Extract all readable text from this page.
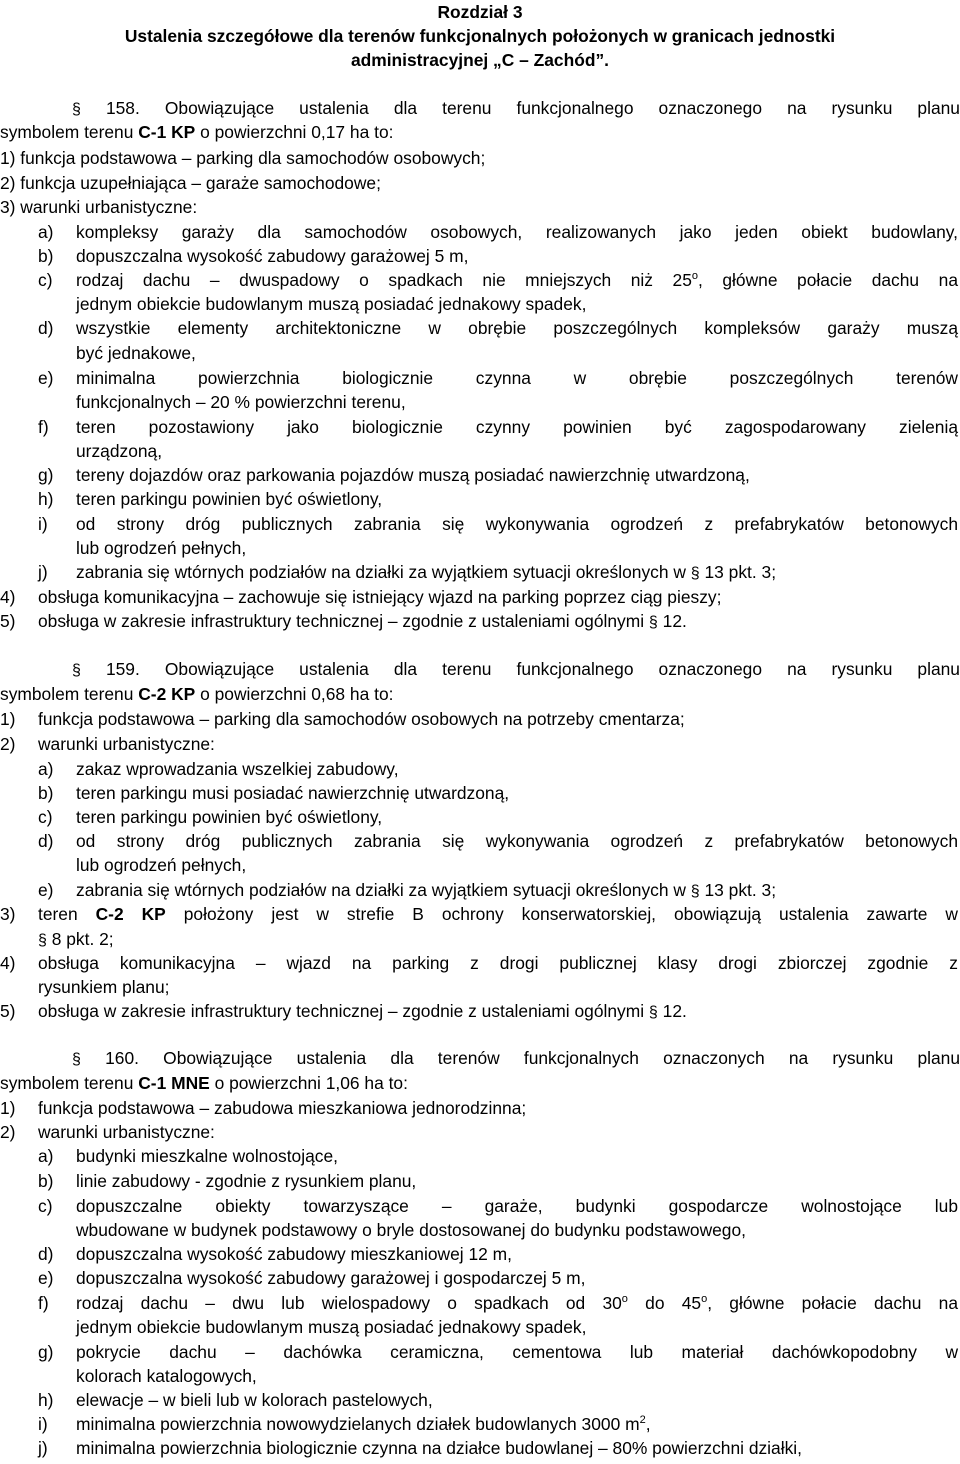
Rozdział 3
Ustalenia szczegółowe dla terenów funkcjonalnych położonych w granicach jednostki
administracyjnej „C – Zachód”.
§ 158. Obowiązujące ustalenia dla terenu funkcjonalnego oznaczonego na rysunku planu
symbolem terenu C-1 KP o powierzchni 0,17 ha to:
1) funkcja podstawowa – parking dla samochodów osobowych;
2) funkcja uzupełniająca – garaże samochodowe;
3) warunki urbanistyczne:
a) kompleksy garaży dla samochodów osobowych, realizowanych jako jeden obiekt budowlany,
b) dopuszczalna wysokość zabudowy garażowej 5 m,
c) rodzaj dachu – dwuspadowy o spadkach nie mniejszych niż 25$^o$, główne połacie dachu na
jednym obiekcie budowlanym muszą posiadać jednakowy spadek,
d) wszystkie elementy architektoniczne w obrębie poszczególnych kompleksów garaży muszą
być jednakowe,
e) minimalna powierzchnia biologicznie czynna w obrębie poszczególnych terenów
funkcjonalnych – 20 % powierzchni terenu,
f) teren pozostawiony jako biologicznie czynny powinien być zagospodarowany zielenią
urządzoną,
g) tereny dojazdów oraz parkowania pojazdów muszą posiadać nawierzchnię utwardzoną,
h) teren parkingu powinien być oświetlony,
i) od strony dróg publicznych zabrania się wykonywania ogrodzeń z prefabrykatów betonowych
lub ogrodzeń pełnych,
j) zabrania się wtórnych podziałów na działki za wyjątkiem sytuacji określonych w § 13 pkt. 3;
4)	obsługa komunikacyjna – zachowuje się istniejący wjazd na parking poprzez ciąg pieszy;
5)	obsługa w zakresie infrastruktury technicznej – zgodnie z ustaleniami ogólnymi § 12.
§ 159. Obowiązujące ustalenia dla terenu funkcjonalnego oznaczonego na rysunku planu
symbolem terenu C-2 KP o powierzchni 0,68 ha to:
1)	funkcja podstawowa – parking dla samochodów osobowych na potrzeby cmentarza;
2)	warunki urbanistyczne:
a) zakaz wprowadzania wszelkiej zabudowy,
b) teren parkingu musi posiadać nawierzchnię utwardzoną,
c) teren parkingu powinien być oświetlony,
d) od strony dróg publicznych zabrania się wykonywania ogrodzeń z prefabrykatów betonowych
lub ogrodzeń pełnych,
e) zabrania się wtórnych podziałów na działki za wyjątkiem sytuacji określonych w § 13 pkt. 3;
3)	teren C-2 KP położony jest w strefie B ochrony konserwatorskiej, obowiązują ustalenia zawarte w
§ 8 pkt. 2;
4)	obsługa komunikacyjna – wjazd na parking z drogi publicznej klasy drogi zbiorczej zgodnie z
rysunkiem planu;
5)	obsługa w zakresie infrastruktury technicznej – zgodnie z ustaleniami ogólnymi § 12.
§ 160. Obowiązujące ustalenia dla terenów funkcjonalnych oznaczonych na rysunku planu
symbolem terenu C-1 MNE o powierzchni 1,06 ha to:
1)	funkcja podstawowa – zabudowa mieszkaniowa jednorodzinna;
2)	warunki urbanistyczne:
a) budynki mieszkalne wolnostojące,
b) linie zabudowy - zgodnie z rysunkiem planu,
c) dopuszczalne obiekty towarzyszące – garaże, budynki gospodarcze wolnostojące lub
wbudowane w budynek podstawowy o bryle dostosowanej do budynku podstawowego,
d) dopuszczalna wysokość zabudowy mieszkaniowej 12 m,
e) dopuszczalna wysokość zabudowy garażowej i gospodarczej 5 m,
f) rodzaj dachu – dwu lub wielospadowy o spadkach od 30$^o$ do 45$^o$, główne połacie dachu na
jednym obiekcie budowlanym muszą posiadać jednakowy spadek,
g) pokrycie dachu – dachówka ceramiczna, cementowa lub materiał dachówkopodobny w
kolorach katalogowych,
h) elewacje – w bieli lub w kolorach pastelowych,
i) minimalna powierzchnia nowowydzielanych działek budowlanych 3000 $m^2$,
j) minimalna powierzchnia biologicznie czynna na działce budowlanej – 80% powierzchni działki,
